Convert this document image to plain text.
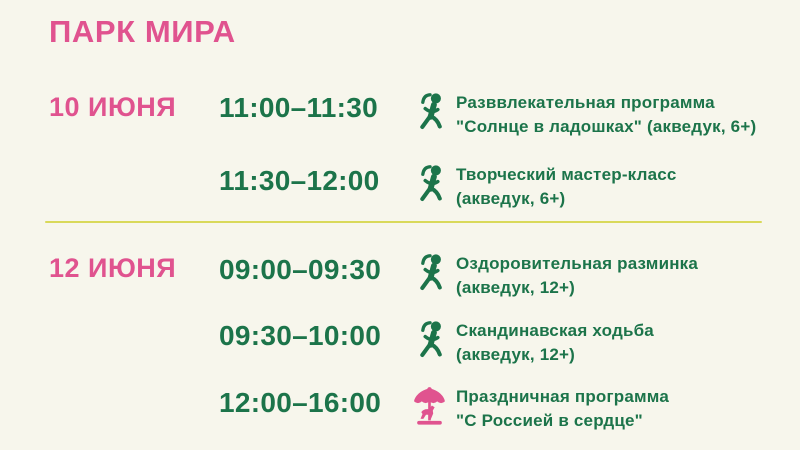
ПАРК МИРА
10 ИЮНЯ 11:00–11:30	Разввлекательная программа
"Солнце в ладошках" (акведук, 6+)
11:30–12:00	Творческий мастер-класс
(акведук, 6+)
12 ИЮНЯ 09:00–09:30	Оздоровительная разминка
(акведук, 12+)
09:30–10:00	Скандинавская ходьба
(акведук, 12+)
12:00–16:00	Праздничная программа
"С Россией в сердце"
